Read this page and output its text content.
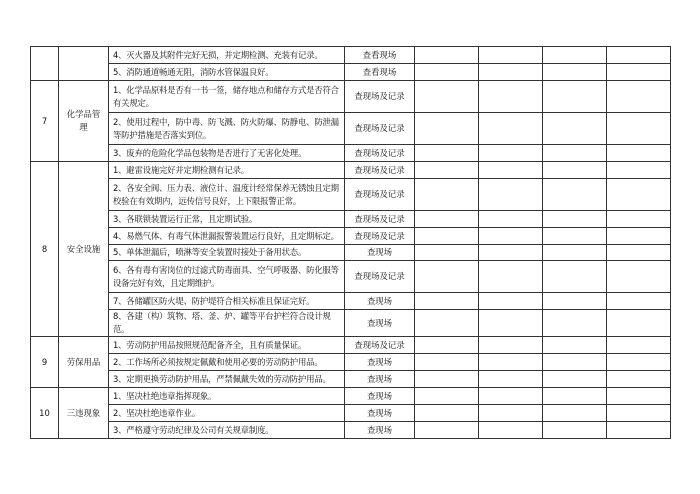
		4、灭火器及其附件完好无损，并定期检测、充装有记录。	查看现场				
		5、消防通道畅通无阻，消防水管保温良好。	查看现场				
7	化学品管理	1、化学品原料是否有一书一签，储存地点和储存方式是否符合有关规定。	查现场及记录				
		2、使用过程中，防中毒、防飞溅、防火防爆、防静电、防泄漏等防护措施是否落实到位。	查现场及记录				
		3、废弃的危险化学品包装物是否进行了无害化处理。	查现场及记录				
8	安全设施	1、避雷设施完好并定期检测有记录。	查现场及记录				
		2、各安全阀、压力表、液位计、温度计经常保养无锈蚀且定期校验在有效期内，远传信号良好，上下限报警正常。	查现场及记录				
		3、各联锁装置运行正常，且定期试验。	查现场及记录				
		4、易燃气体、有毒气体泄漏报警装置运行良好，且定期标定。	查现场及记录				
		5、单体泄漏后，喷淋等安全装置时接处于备用状态。	查现场				
		6、各有毒有害岗位的过滤式防毒面具、空气呼吸器、防化服等设备完好有效，且定期维护。	查现场及记录				
		7、各储罐区防火堤、防护堤符合相关标准且保证完好。	查现场				
		8、各建（构）筑物、塔、釜、炉、罐等平台护栏符合设计规范。	查现场				
9	劳保用品	1、劳动防护用品按照规范配备齐全，且有质量保证。	查现场及记录				
		2、工作场所必须按规定佩戴和使用必要的劳动防护用品。	查现场				
		3、定期更换劳动防护用品，严禁佩戴失效的劳动防护用品。	查现场				
10	三违现象	1、坚决杜绝违章指挥现象。	查现场				
		2、坚决杜绝违章作业。	查现场				
		3、严格遵守劳动纪律及公司有关规章制度。	查现场				
